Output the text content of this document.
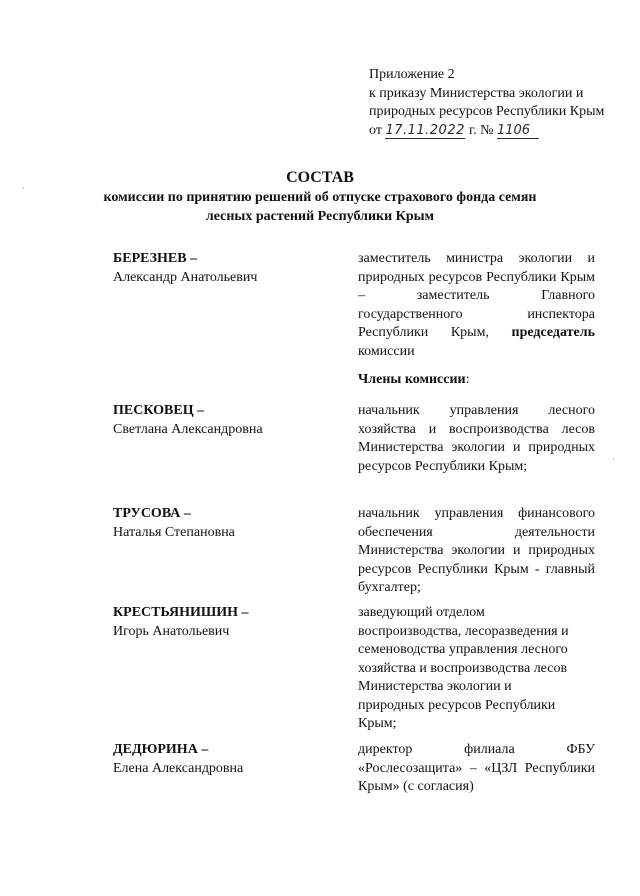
Приложение 2
к приказу Министерства экологии и
природных ресурсов Республики Крым
от 17.11.2022 г. № 1106
СОСТАВ
комиссии по принятию решений об отпуске страхового фонда семян
лесных растений Республики Крым
БЕРЕЗНЕВ –
Александр Анатольевич
заместитель министра экологии и природных ресурсов Республики Крым – заместитель Главного государственного инспектора Республики Крым, председатель комиссии
Члены комиссии:
ПЕСКОВЕЦ –
Светлана Александровна
начальник управления лесного хозяйства и воспроизводства лесов Министерства экологии и природных ресурсов Республики Крым;
ТРУСОВА –
Наталья Степановна
начальник управления финансового обеспечения деятельности Министерства экологии и природных ресурсов Республики Крым - главный бухгалтер;
КРЕСТЬЯНИШИН –
Игорь Анатольевич
заведующий отделом
воспроизводства, лесоразведения и
семеноводства управления лесного
хозяйства и воспроизводства лесов
Министерства экологии и
природных ресурсов Республики
Крым;
ДЕДЮРИНА –
Елена Александровна
директор филиала ФБУ «Рослесозащита» – «ЦЗЛ Республики Крым» (с согласия)
·
·
